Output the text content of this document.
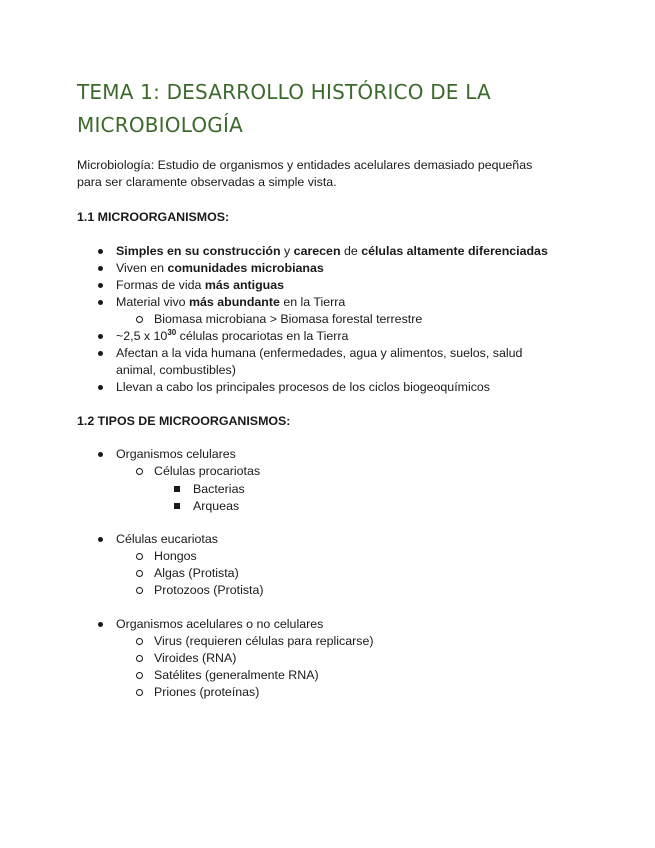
TEMA 1: DESARROLLO HISTÓRICO DE LA MICROBIOLOGÍA
Microbiología: Estudio de organismos y entidades acelulares demasiado pequeñas
para ser claramente observadas a simple vista.
1.1 MICROORGANISMOS:
Simples en su construcción y carecen de células altamente diferenciadas
Viven en comunidades microbianas
Formas de vida más antiguas
Material vivo más abundante en la Tierra
Biomasa microbiana > Biomasa forestal terrestre
~2,5 x $10^{30}$ células procariotas en la Tierra
Afectan a la vida humana (enfermedades, agua y alimentos, suelos, salud
animal, combustibles)
Llevan a cabo los principales procesos de los ciclos biogeoquímicos
1.2 TIPOS DE MICROORGANISMOS:
Organismos celulares
Células procariotas
Bacterias
Arqueas
Células eucariotas
Hongos
Algas (Protista)
Protozoos (Protista)
Organismos acelulares o no celulares
Virus (requieren células para replicarse)
Viroides (RNA)
Satélites (generalmente RNA)
Priones (proteínas)
